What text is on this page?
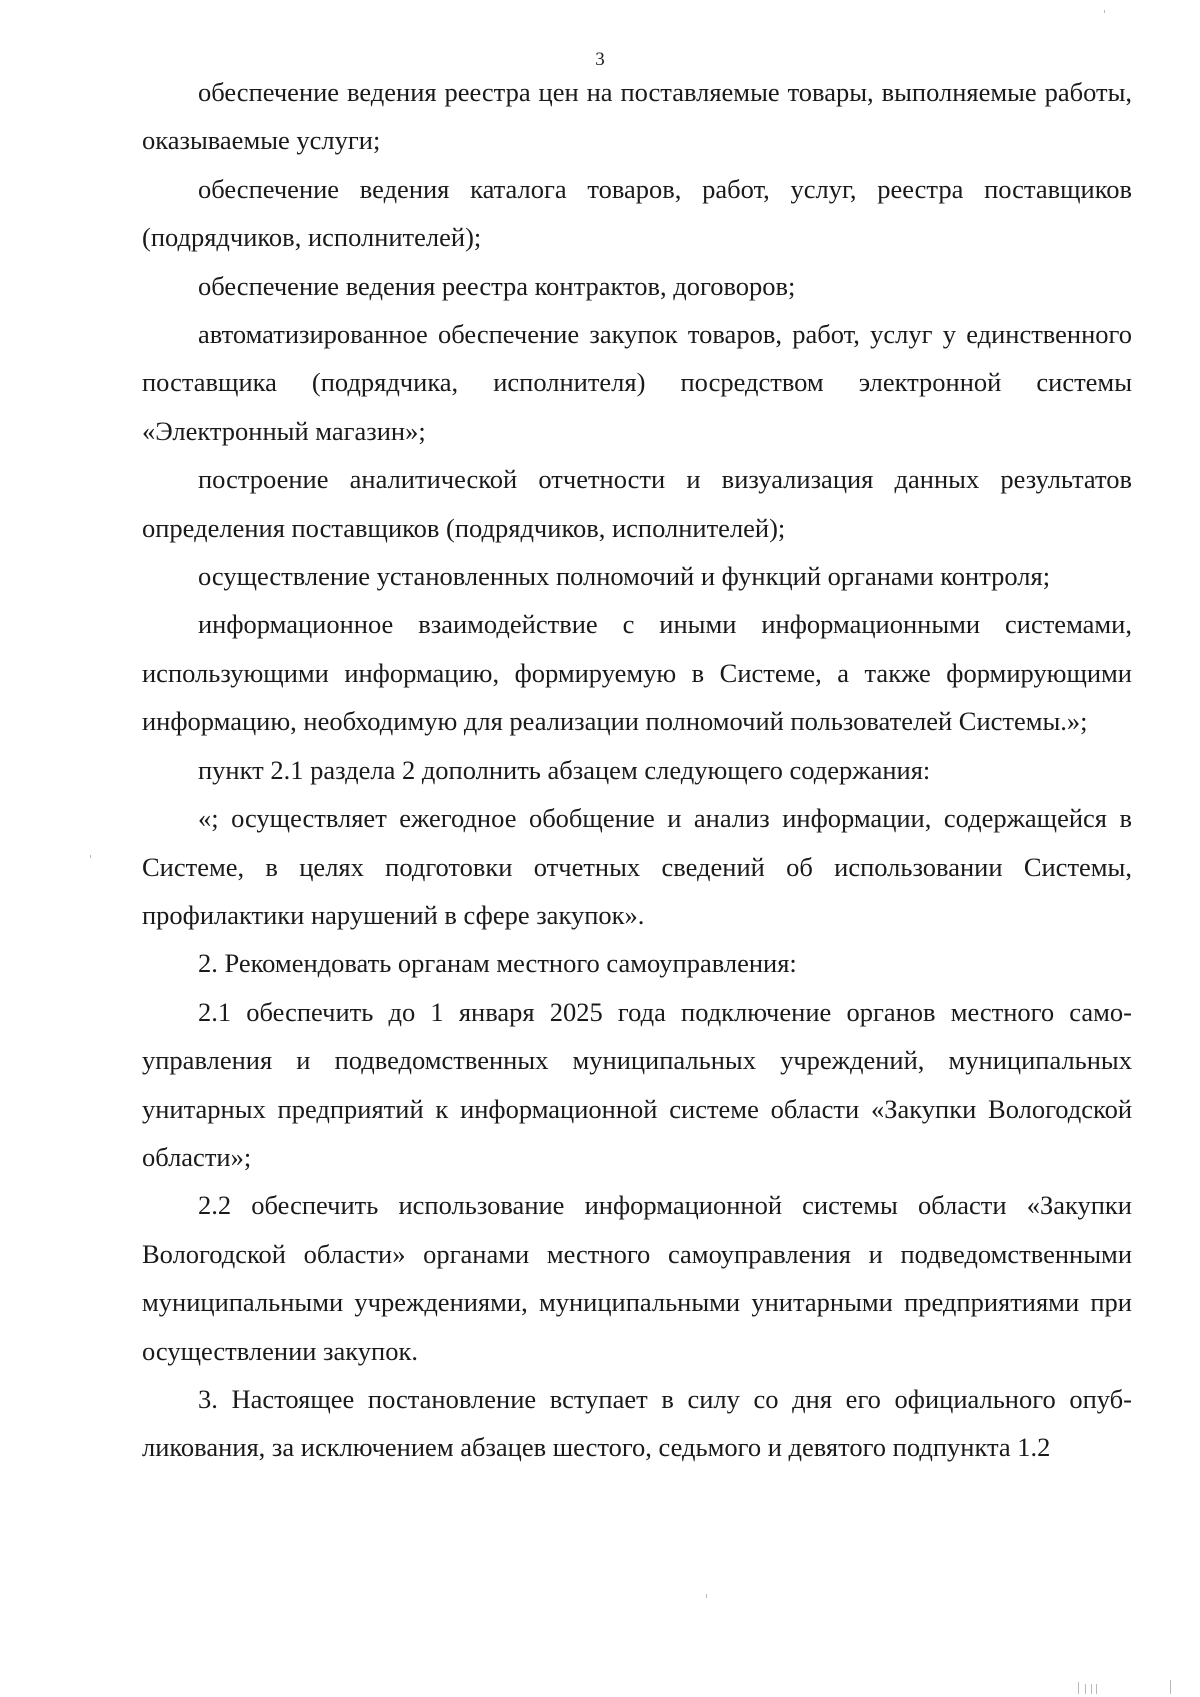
3

обеспечение ведения реестра цен на поставляемые товары, выполняемые работы, оказываемые услуги;

обеспечение ведения каталога товаров, работ, услуг, реестра поставщиков (подрядчиков, исполнителей);

обеспечение ведения реестра контрактов, договоров;

автоматизированное обеспечение закупок товаров, работ, услуг у единственного поставщика (подрядчика, исполнителя) посредством электронной системы «Электронный магазин»;

построение аналитической отчетности и визуализация данных результатов определения поставщиков (подрядчиков, исполнителей);

осуществление установленных полномочий и функций органами контроля;

информационное взаимодействие с иными информационными системами, использующими информацию, формируемую в Системе, а также формирующими информацию, необходимую для реализации полномочий пользователей Системы.»;

пункт 2.1 раздела 2 дополнить абзацем следующего содержания:

«; осуществляет ежегодное обобщение и анализ информации, содержащейся в Системе, в целях подготовки отчетных сведений об использовании Системы, профилактики нарушений в сфере закупок».

2. Рекомендовать органам местного самоуправления:

2.1 обеспечить до 1 января 2025 года подключение органов местного самоуправления и подведомственных муниципальных учреждений, муниципальных унитарных предприятий к информационной системе области «Закупки Вологодской области»;

2.2 обеспечить использование информационной системы области «Закупки Вологодской области» органами местного самоуправления и подведомственными муниципальными учреждениями, муниципальными унитарными предприятиями при осуществлении закупок.

3. Настоящее постановление вступает в силу со дня его официального опубликования, за исключением абзацев шестого, седьмого и девятого подпункта 1.2
